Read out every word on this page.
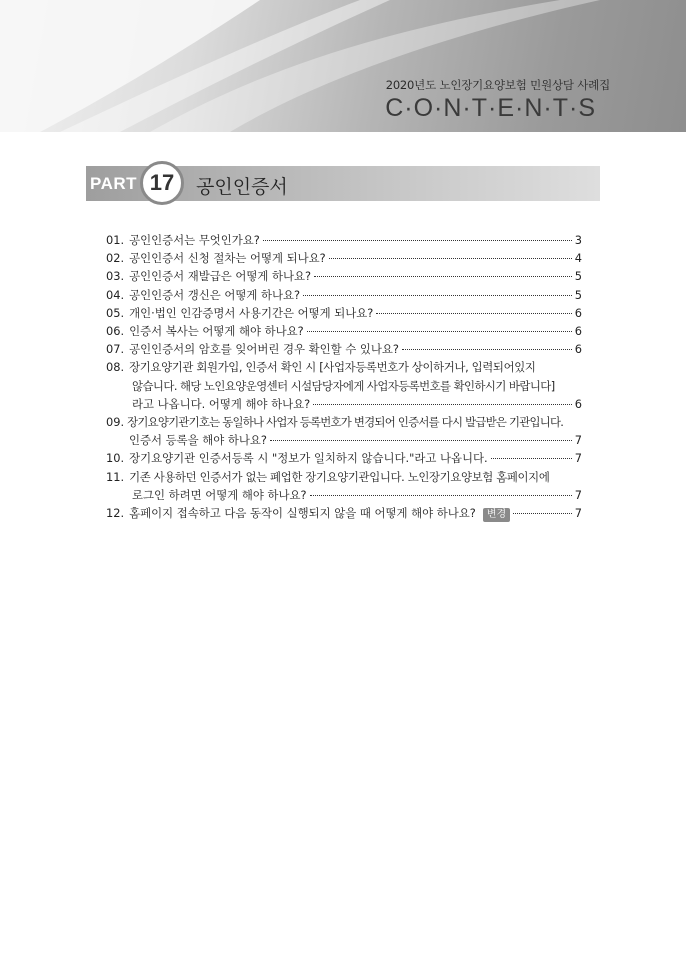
2020년도 노인장기요양보험 민원상담 사례집
C·O·N·T·E·N·T·S
PART 17	공인인증서
01. 공인인증서는 무엇인가요?	3
02. 공인인증서 신청 절차는 어떻게 되나요?	4
03. 공인인증서 재발급은 어떻게 하나요?	5
04. 공인인증서 갱신은 어떻게 하나요?	5
05. 개인·법인 인감증명서 사용기간은 어떻게 되나요?	6
06. 인증서 복사는 어떻게 해야 하나요?	6
07. 공인인증서의 암호를 잊어버린 경우 확인할 수 있나요?	6
08. 장기요양기관 회원가입, 인증서 확인 시 [사업자등록번호가 상이하거나, 입력되어있지
않습니다. 해당 노인요양운영센터 시설담당자에게 사업자등록번호를 확인하시기 바랍니다]
라고 나옵니다. 어떻게 해야 하나요?	6
09. 장기요양기관기호는 동일하나 사업자 등록번호가 변경되어 인증서를 다시 발급받은 기관입니다.
인증서 등록을 해야 하나요?	7
10. 장기요양기관 인증서등록 시 "정보가 일치하지 않습니다."라고 나옵니다.	7
11. 기존 사용하던 인증서가 없는 폐업한 장기요양기관입니다. 노인장기요양보험 홈페이지에
로그인 하려면 어떻게 해야 하나요?	7
12. 홈페이지 접속하고 다음 동작이 실행되지 않을 때 어떻게 해야 하나요?	변경	7
